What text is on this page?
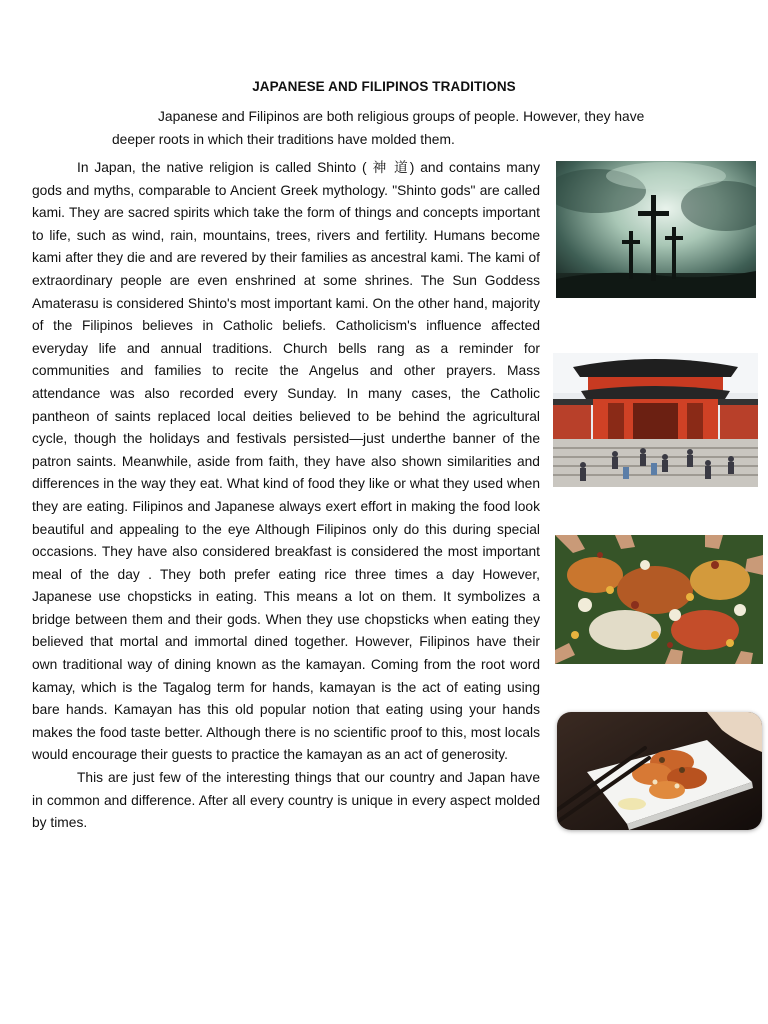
JAPANESE AND FILIPINOS TRADITIONS
Japanese and Filipinos are both religious groups of people. However, they have deeper roots in which their traditions have molded them.

In Japan, the native religion is called Shinto ( 神 道) and contains many gods and myths, comparable to Ancient Greek mythology. "Shinto gods" are called kami. They are sacred spirits which take the form of things and concepts important to life, such as wind, rain, mountains, trees, rivers and fertility. Humans become kami after they die and are revered by their families as ancestral kami. The kami of extraordinary people are even enshrined at some shrines. The Sun Goddess Amaterasu is considered Shinto's most important kami. On the other hand, majority of the Filipinos believes in Catholic beliefs. Catholicism's influence affected everyday life and annual traditions. Church bells rang as a reminder for communities and families to recite the Angelus and other prayers. Mass attendance was also recorded every Sunday. In many cases, the Catholic pantheon of saints replaced local deities believed to be behind the agricultural cycle, though the holidays and festivals persisted—just underthe banner of the patron saints. Meanwhile, aside from faith, they have also shown similarities and differences in the way they eat. What kind of food they like or what they used when they are eating. Filipinos and Japanese always exert effort in making the food look beautiful and appealing to the eye Although Filipinos only do this during special occasions. They have also considered breakfast is considered the most important meal of the day . They both prefer eating rice three times a day However, Japanese use chopsticks in eating. This means a lot on them. It symbolizes a bridge between them and their gods. When they use chopsticks when eating they believed that mortal and immortal dined together. However, Filipinos have their own traditional way of dining known as the kamayan. Coming from the root word kamay, which is the Tagalog term for hands, kamayan is the act of eating using bare hands. Kamayan has this old popular notion that eating using your hands makes the food taste better. Although there is no scientific proof to this, most locals would encourage their guests to practice the kamayan as an act of generosity.

This are just few of the interesting things that our country and Japan have in common and difference. After all every country is unique in every aspect molded by times.
